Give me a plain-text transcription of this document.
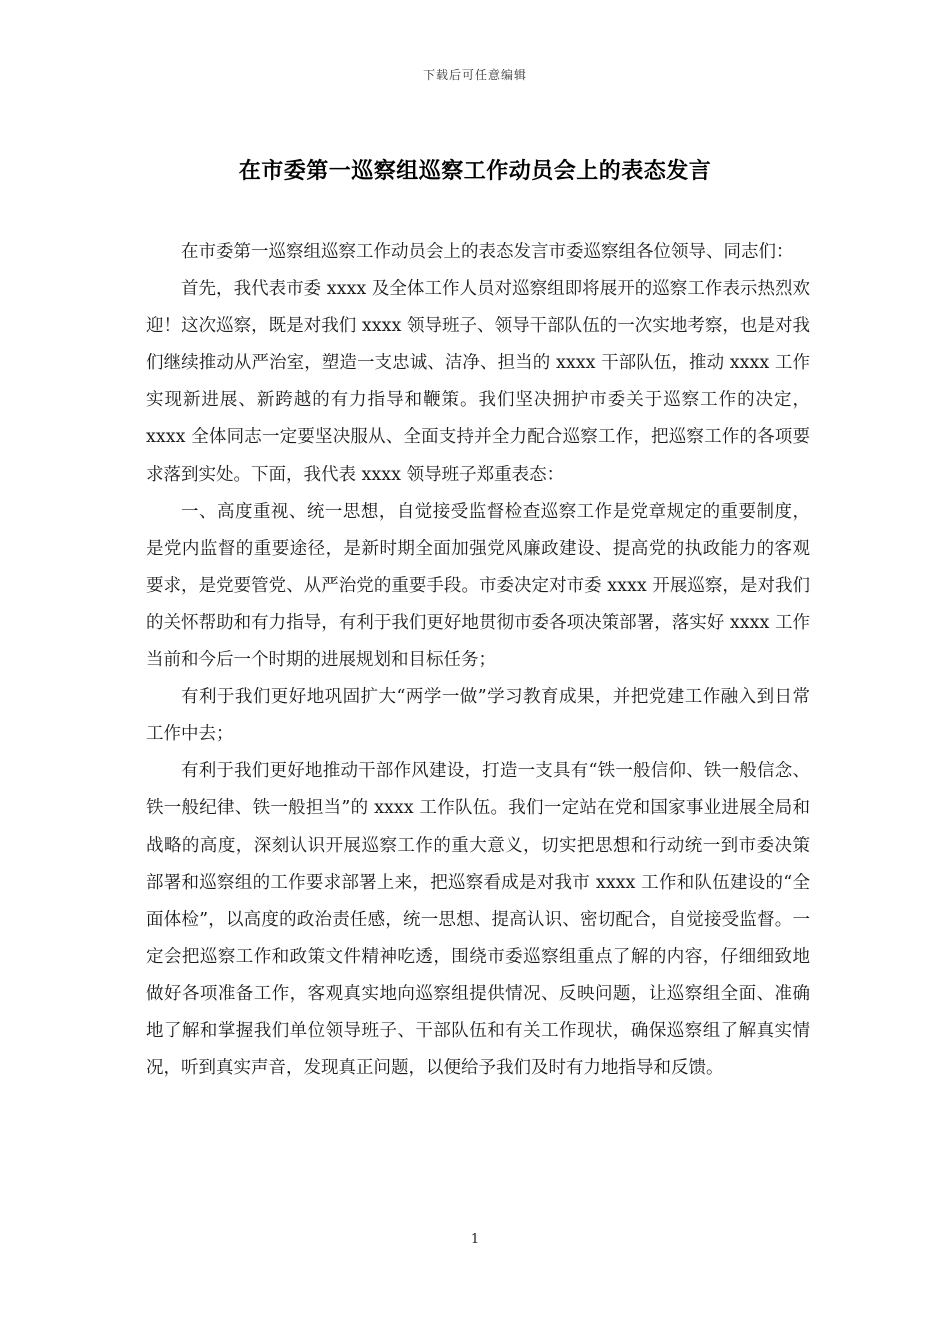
下载后可任意编辑
在市委第一巡察组巡察工作动员会上的表态发言

在市委第一巡察组巡察工作动员会上的表态发言市委巡察组各位领导、同志们：

首先，我代表市委 xxxx 及全体工作人员对巡察组即将展开的巡察工作表示热烈欢迎！这次巡察，既是对我们 xxxx 领导班子、领导干部队伍的一次实地考察，也是对我们继续推动从严治室，塑造一支忠诚、洁净、担当的 xxxx 干部队伍，推动 xxxx 工作实现新进展、新跨越的有力指导和鞭策。我们坚决拥护市委关于巡察工作的决定，xxxx 全体同志一定要坚决服从、全面支持并全力配合巡察工作，把巡察工作的各项要求落到实处。下面，我代表 xxxx 领导班子郑重表态：

一、高度重视、统一思想，自觉接受监督检查巡察工作是党章规定的重要制度，是党内监督的重要途径，是新时期全面加强党风廉政建设、提高党的执政能力的客观要求，是党要管党、从严治党的重要手段。市委决定对市委 xxxx 开展巡察，是对我们的关怀帮助和有力指导，有利于我们更好地贯彻市委各项决策部署，落实好 xxxx 工作当前和今后一个时期的进展规划和目标任务；

有利于我们更好地巩固扩大“两学一做”学习教育成果，并把党建工作融入到日常工作中去；

有利于我们更好地推动干部作风建设，打造一支具有“铁一般信仰、铁一般信念、铁一般纪律、铁一般担当”的 xxxx 工作队伍。我们一定站在党和国家事业进展全局和战略的高度，深刻认识开展巡察工作的重大意义，切实把思想和行动统一到市委决策部署和巡察组的工作要求部署上来，把巡察看成是对我市 xxxx 工作和队伍建设的“全面体检”，以高度的政治责任感，统一思想、提高认识、密切配合，自觉接受监督。一定会把巡察工作和政策文件精神吃透，围绕市委巡察组重点了解的内容，仔细细致地做好各项准备工作，客观真实地向巡察组提供情况、反映问题，让巡察组全面、准确地了解和掌握我们单位领导班子、干部队伍和有关工作现状，确保巡察组了解真实情况，听到真实声音，发现真正问题，以便给予我们及时有力地指导和反馈。

1
